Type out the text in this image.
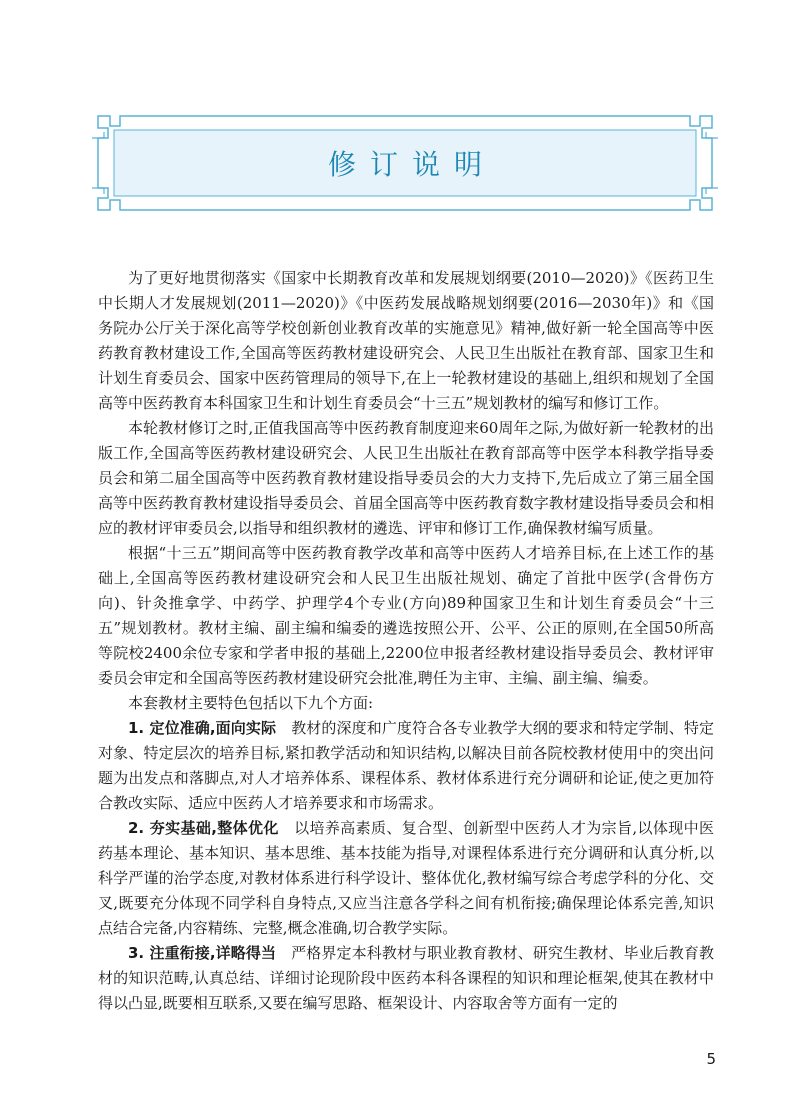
修订说明

为了更好地贯彻落实《国家中长期教育改革和发展规划纲要(2010—2020)》《医药卫生中长期人才发展规划(2011—2020)》《中医药发展战略规划纲要(2016—2030年)》和《国务院办公厅关于深化高等学校创新创业教育改革的实施意见》精神,做好新一轮全国高等中医药教育教材建设工作,全国高等医药教材建设研究会、人民卫生出版社在教育部、国家卫生和计划生育委员会、国家中医药管理局的领导下,在上一轮教材建设的基础上,组织和规划了全国高等中医药教育本科国家卫生和计划生育委员会“十三五”规划教材的编写和修订工作。

本轮教材修订之时,正值我国高等中医药教育制度迎来60周年之际,为做好新一轮教材的出版工作,全国高等医药教材建设研究会、人民卫生出版社在教育部高等中医学本科教学指导委员会和第二届全国高等中医药教育教材建设指导委员会的大力支持下,先后成立了第三届全国高等中医药教育教材建设指导委员会、首届全国高等中医药教育数字教材建设指导委员会和相应的教材评审委员会,以指导和组织教材的遴选、评审和修订工作,确保教材编写质量。

根据“十三五”期间高等中医药教育教学改革和高等中医药人才培养目标,在上述工作的基础上,全国高等医药教材建设研究会和人民卫生出版社规划、确定了首批中医学(含骨伤方向)、针灸推拿学、中药学、护理学4个专业(方向)89种国家卫生和计划生育委员会“十三五”规划教材。教材主编、副主编和编委的遴选按照公开、公平、公正的原则,在全国50所高等院校2400余位专家和学者申报的基础上,2200位申报者经教材建设指导委员会、教材评审委员会审定和全国高等医药教材建设研究会批准,聘任为主审、主编、副主编、编委。

本套教材主要特色包括以下九个方面:

1. 定位准确,面向实际　 教材的深度和广度符合各专业教学大纲的要求和特定学制、特定对象、特定层次的培养目标,紧扣教学活动和知识结构,以解决目前各院校教材使用中的突出问题为出发点和落脚点,对人才培养体系、课程体系、教材体系进行充分调研和论证,使之更加符合教改实际、适应中医药人才培养要求和市场需求。

2. 夯实基础,整体优化　 以培养高素质、复合型、创新型中医药人才为宗旨,以体现中医药基本理论、基本知识、基本思维、基本技能为指导,对课程体系进行充分调研和认真分析,以科学严谨的治学态度,对教材体系进行科学设计、整体优化,教材编写综合考虑学科的分化、交叉,既要充分体现不同学科自身特点,又应当注意各学科之间有机衔接;确保理论体系完善,知识点结合完备,内容精练、完整,概念准确,切合教学实际。

3. 注重衔接,详略得当　 严格界定本科教材与职业教育教材、研究生教材、毕业后教育教材的知识范畴,认真总结、详细讨论现阶段中医药本科各课程的知识和理论框架,使其在教材中得以凸显,既要相互联系,又要在编写思路、框架设计、内容取舍等方面有一定的

5
